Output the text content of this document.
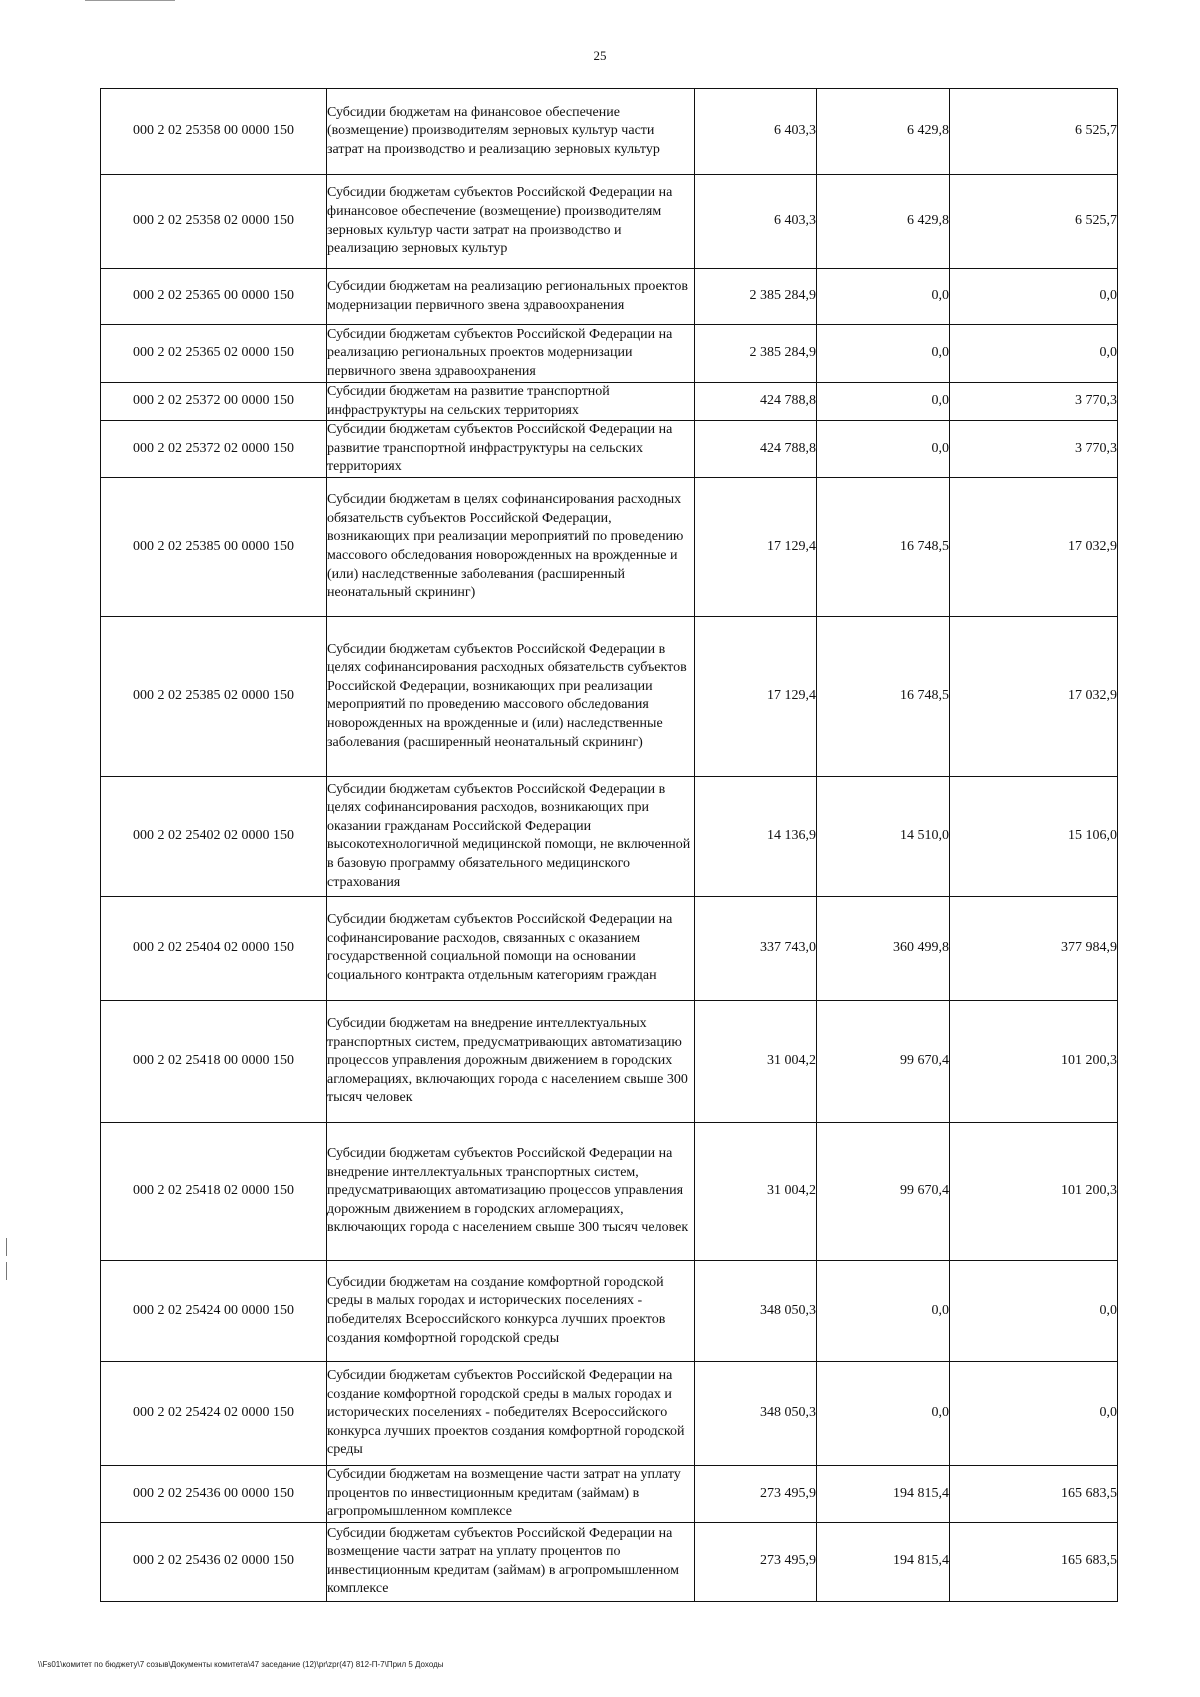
25
000 2 02 25358 00 0000 150	Субсидии бюджетам на финансовое обеспечение (возмещение) производителям зерновых культур части затрат на производство и реализацию зерновых культур	6 403,3	6 429,8	6 525,7
000 2 02 25358 02 0000 150	Субсидии бюджетам субъектов Российской Федерации на финансовое обеспечение (возмещение) производителям зерновых культур части затрат на производство и реализацию зерновых культур	6 403,3	6 429,8	6 525,7
000 2 02 25365 00 0000 150	Субсидии бюджетам на реализацию региональных проектов модернизации первичного звена здравоохранения	2 385 284,9	0,0	0,0
000 2 02 25365 02 0000 150	Субсидии бюджетам субъектов Российской Федерации на реализацию региональных проектов модернизации первичного звена здравоохранения	2 385 284,9	0,0	0,0
000 2 02 25372 00 0000 150	Субсидии бюджетам на развитие транспортной инфраструктуры на сельских территориях	424 788,8	0,0	3 770,3
000 2 02 25372 02 0000 150	Субсидии бюджетам субъектов Российской Федерации на развитие транспортной инфраструктуры на сельских территориях	424 788,8	0,0	3 770,3
000 2 02 25385 00 0000 150	Субсидии бюджетам в целях софинансирования расходных обязательств субъектов Российской Федерации, возникающих при реализации мероприятий по проведению массового обследования новорожденных на врожденные и (или) наследственные заболевания (расширенный неонатальный скрининг)	17 129,4	16 748,5	17 032,9
000 2 02 25385 02 0000 150	Субсидии бюджетам субъектов Российской Федерации в целях софинансирования расходных обязательств субъектов Российской Федерации, возникающих при реализации мероприятий по проведению массового обследования новорожденных на врожденные и (или) наследственные заболевания (расширенный неонатальный скрининг)	17 129,4	16 748,5	17 032,9
000 2 02 25402 02 0000 150	Субсидии бюджетам субъектов Российской Федерации в целях софинансирования расходов, возникающих при оказании гражданам Российской Федерации высокотехнологичной медицинской помощи, не включенной в базовую программу обязательного медицинского страхования	14 136,9	14 510,0	15 106,0
000 2 02 25404 02 0000 150	Субсидии бюджетам субъектов Российской Федерации на софинансирование расходов, связанных с оказанием государственной социальной помощи на основании социального контракта отдельным категориям граждан	337 743,0	360 499,8	377 984,9
000 2 02 25418 00 0000 150	Субсидии бюджетам на внедрение интеллектуальных транспортных систем, предусматривающих автоматизацию процессов управления дорожным движением в городских агломерациях, включающих города с населением свыше 300 тысяч человек	31 004,2	99 670,4	101 200,3
000 2 02 25418 02 0000 150	Субсидии бюджетам субъектов Российской Федерации на внедрение интеллектуальных транспортных систем, предусматривающих автоматизацию процессов управления дорожным движением в городских агломерациях, включающих города с населением свыше 300 тысяч человек	31 004,2	99 670,4	101 200,3
000 2 02 25424 00 0000 150	Субсидии бюджетам на создание комфортной городской среды в малых городах и исторических поселениях - победителях Всероссийского конкурса лучших проектов создания комфортной городской среды	348 050,3	0,0	0,0
000 2 02 25424 02 0000 150	Субсидии бюджетам субъектов Российской Федерации на создание комфортной городской среды в малых городах и исторических поселениях - победителях Всероссийского конкурса лучших проектов создания комфортной городской среды	348 050,3	0,0	0,0
000 2 02 25436 00 0000 150	Субсидии бюджетам на возмещение части затрат на уплату процентов по инвестиционным кредитам (займам) в агропромышленном комплексе	273 495,9	194 815,4	165 683,5
000 2 02 25436 02 0000 150	Субсидии бюджетам субъектов Российской Федерации на возмещение части затрат на уплату процентов по инвестиционным кредитам (займам) в агропромышленном комплексе	273 495,9	194 815,4	165 683,5
\\Fs01\комитет по бюджету\7 созыв\Документы комитета\47 заседание (12)\pr\zpr(47) 812-П-7\Прил 5 Доходы
